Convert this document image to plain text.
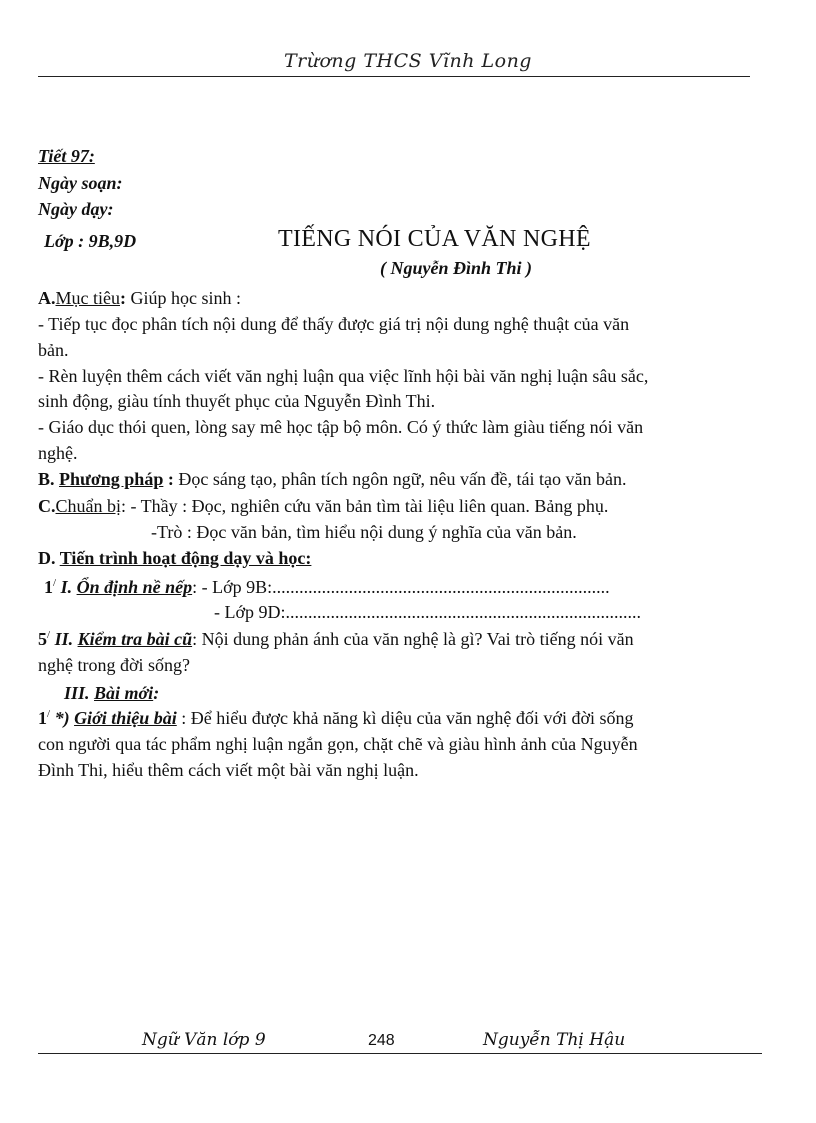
Trừơng THCS Vĩnh Long
Tiết 97:
Ngày soạn:
Ngày dạy:
Lớp : 9B,9D	TIẾNG NÓI CỦA VĂN NGHỆ
( Nguyễn Đình Thi )
A.Mục tiêu: Giúp học sinh :
- Tiếp tục đọc phân tích nội dung để thấy được giá trị nội dung nghệ thuật của văn
bản.
- Rèn luyện thêm cách viết văn nghị luận qua việc lĩnh hội bài văn nghị luận sâu sắc,
sinh động, giàu tính thuyết phục của Nguyễn Đình Thi.
- Giáo dục thói quen, lòng say mê học tập bộ môn. Có ý thức làm giàu tiếng nói văn
nghệ.
B. Phương pháp : Đọc sáng tạo, phân tích ngôn ngữ, nêu vấn đề, tái tạo văn bản.
C.Chuẩn bị: - Thầy : Đọc, nghiên cứu văn bản tìm tài liệu liên quan. Bảng phụ.
-Trò : Đọc văn bản, tìm hiểu nội dung ý nghĩa của văn bản.
D. Tiến trình hoạt động dạy và học:
1/ I. Ổn định nề nếp: - Lớp 9B:...........................................................................
- Lớp 9D:...............................................................................
5/ II. Kiểm tra bài cũ: Nội dung phản ánh của văn nghệ là gì? Vai trò tiếng nói văn
nghệ trong đời sống?
III. Bài mới:
1/ *) Giới thiệu bài : Để hiểu được khả năng kì diệu của văn nghệ đối với đời sống
con người qua tác phẩm nghị luận ngắn gọn, chặt chẽ và giàu hình ảnh của Nguyễn
Đình Thi, hiểu thêm cách viết một bài văn nghị luận.
Ngữ Văn lớp 9	248	Nguyễn Thị Hậu
